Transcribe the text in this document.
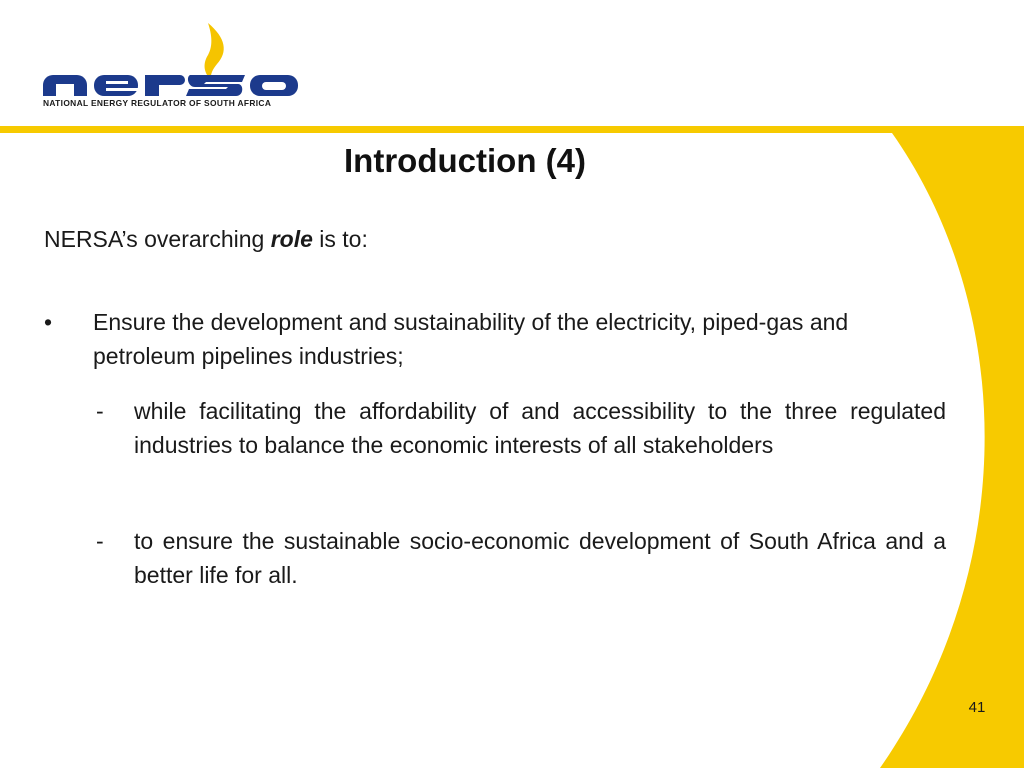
NATIONAL ENERGY REGULATOR OF SOUTH AFRICA
Introduction (4)

NERSA’s overarching role is to:

• Ensure the development and sustainability of the electricity, piped-gas and petroleum pipelines industries;
- while facilitating the affordability of and accessibility to the three regulated industries to balance the economic interests of all stakeholders
- to ensure the sustainable socio-economic development of South Africa and a better life for all.
41
